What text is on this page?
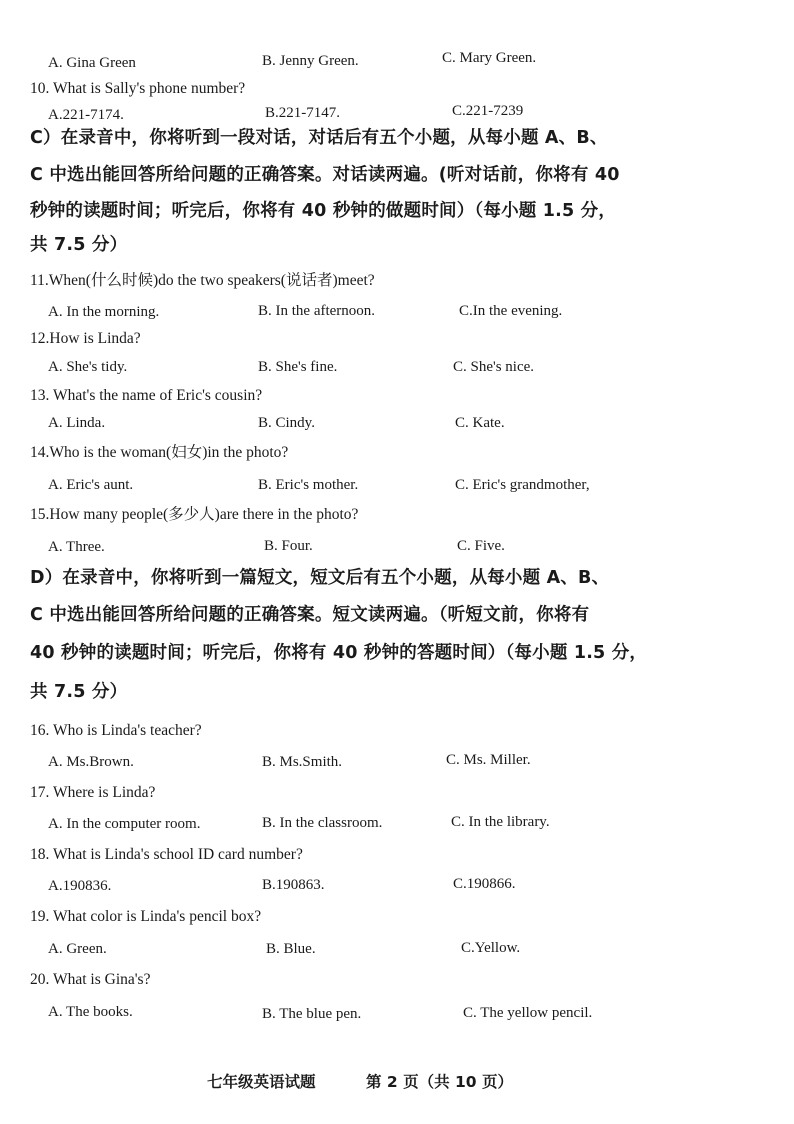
A. Gina Green	B. Jenny Green.	C. Mary Green.
10. What is Sally's phone number?
A.221-7174.	B.221-7147.	C.221-7239
C）在录音中，你将听到一段对话，对话后有五个小题，从每小题 A、B、
C 中选出能回答所给问题的正确答案。对话读两遍。(听对话前，你将有 40
秒钟的读题时间；听完后，你将有 40 秒钟的做题时间）（每小题 1.5 分，
共 7.5 分）
11.When(什么时候)do the two speakers(说话者)meet?
A. In the morning.	B. In the afternoon.	C.In the evening.
12.How is Linda?
A. She's tidy.	B. She's fine.	C. She's nice.
13. What's the name of Eric's cousin?
A. Linda.	B. Cindy.	C. Kate.
14.Who is the woman(妇女)in the photo?
A. Eric's aunt.	B. Eric's mother.	C. Eric's grandmother,
15.How many people(多少人)are there in the photo?
A. Three.	B. Four.	C. Five.
D）在录音中，你将听到一篇短文，短文后有五个小题，从每小题 A、B、
C 中选出能回答所给问题的正确答案。短文读两遍。（听短文前，你将有
40 秒钟的读题时间；听完后，你将有 40 秒钟的答题时间）（每小题 1.5 分，
共 7.5 分）
16. Who is Linda's teacher?
A. Ms.Brown.	B. Ms.Smith.	C. Ms. Miller.
17. Where is Linda?
A. In the computer room.	B. In the classroom.	C. In the library.
18. What is Linda's school ID card number?
A.190836.	B.190863.	C.190866.
19. What color is Linda's pencil box?
A. Green.	B. Blue.	C.Yellow.
20. What is Gina's?
A. The books.	B. The blue pen.	C. The yellow pencil.
七年级英语试题	第 2 页（共 10 页）
